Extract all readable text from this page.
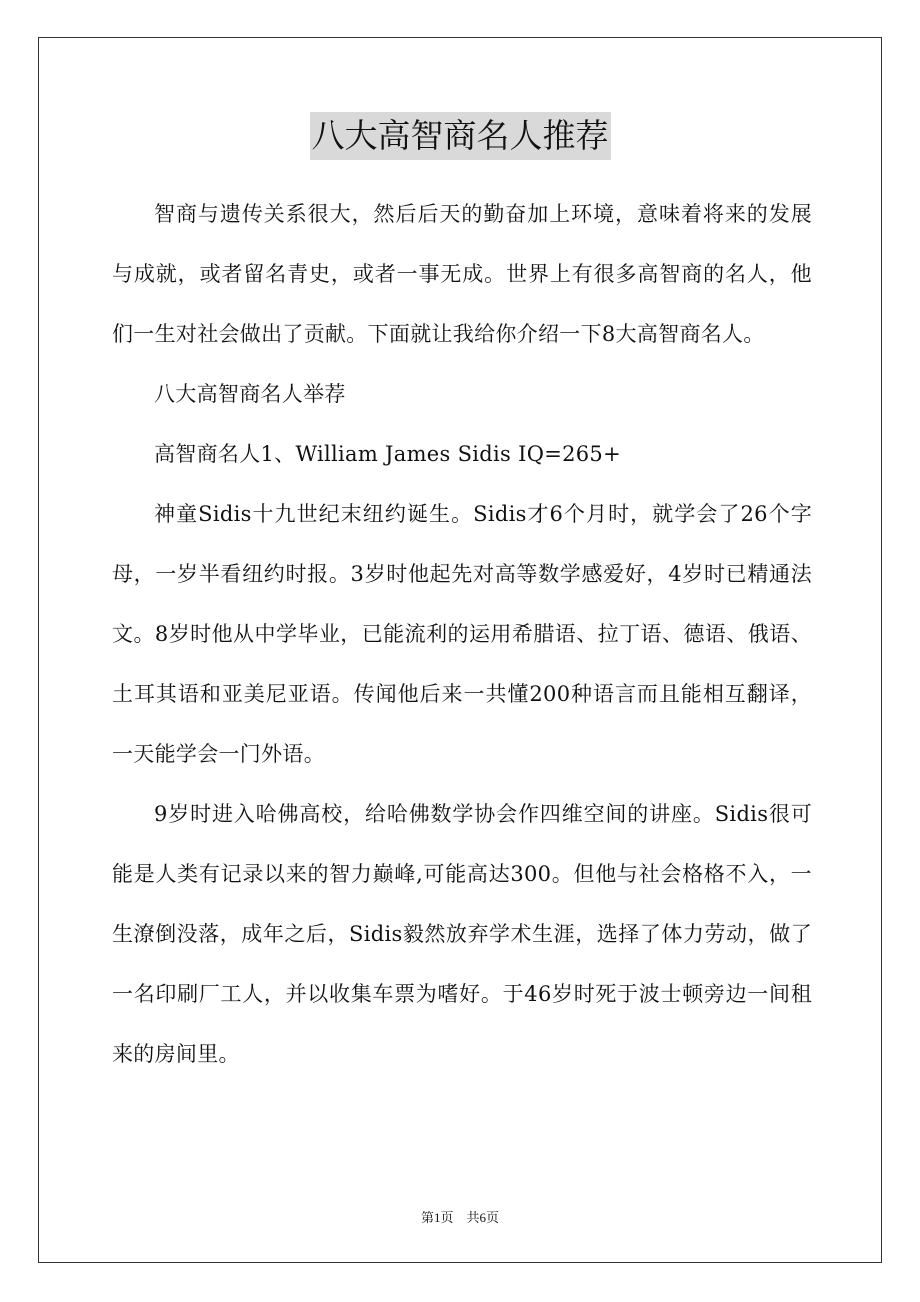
八大高智商名人推荐

智商与遗传关系很大，然后后天的勤奋加上环境，意味着将来的发展与成就，或者留名青史，或者一事无成。世界上有很多高智商的名人，他们一生对社会做出了贡献。下面就让我给你介绍一下8大高智商名人。

八大高智商名人举荐

高智商名人1、William James Sidis IQ=265+

神童Sidis十九世纪末纽约诞生。Sidis才6个月时，就学会了26个字母，一岁半看纽约时报。3岁时他起先对高等数学感爱好，4岁时已精通法文。8岁时他从中学毕业，已能流利的运用希腊语、拉丁语、德语、俄语、土耳其语和亚美尼亚语。传闻他后来一共懂200种语言而且能相互翻译，一天能学会一门外语。

9岁时进入哈佛高校，给哈佛数学协会作四维空间的讲座。Sidis很可能是人类有记录以来的智力巅峰,可能高达300。但他与社会格格不入，一生潦倒没落，成年之后，Sidis毅然放弃学术生涯，选择了体力劳动，做了一名印刷厂工人，并以收集车票为嗜好。于46岁时死于波士顿旁边一间租来的房间里。

第1页　共6页
